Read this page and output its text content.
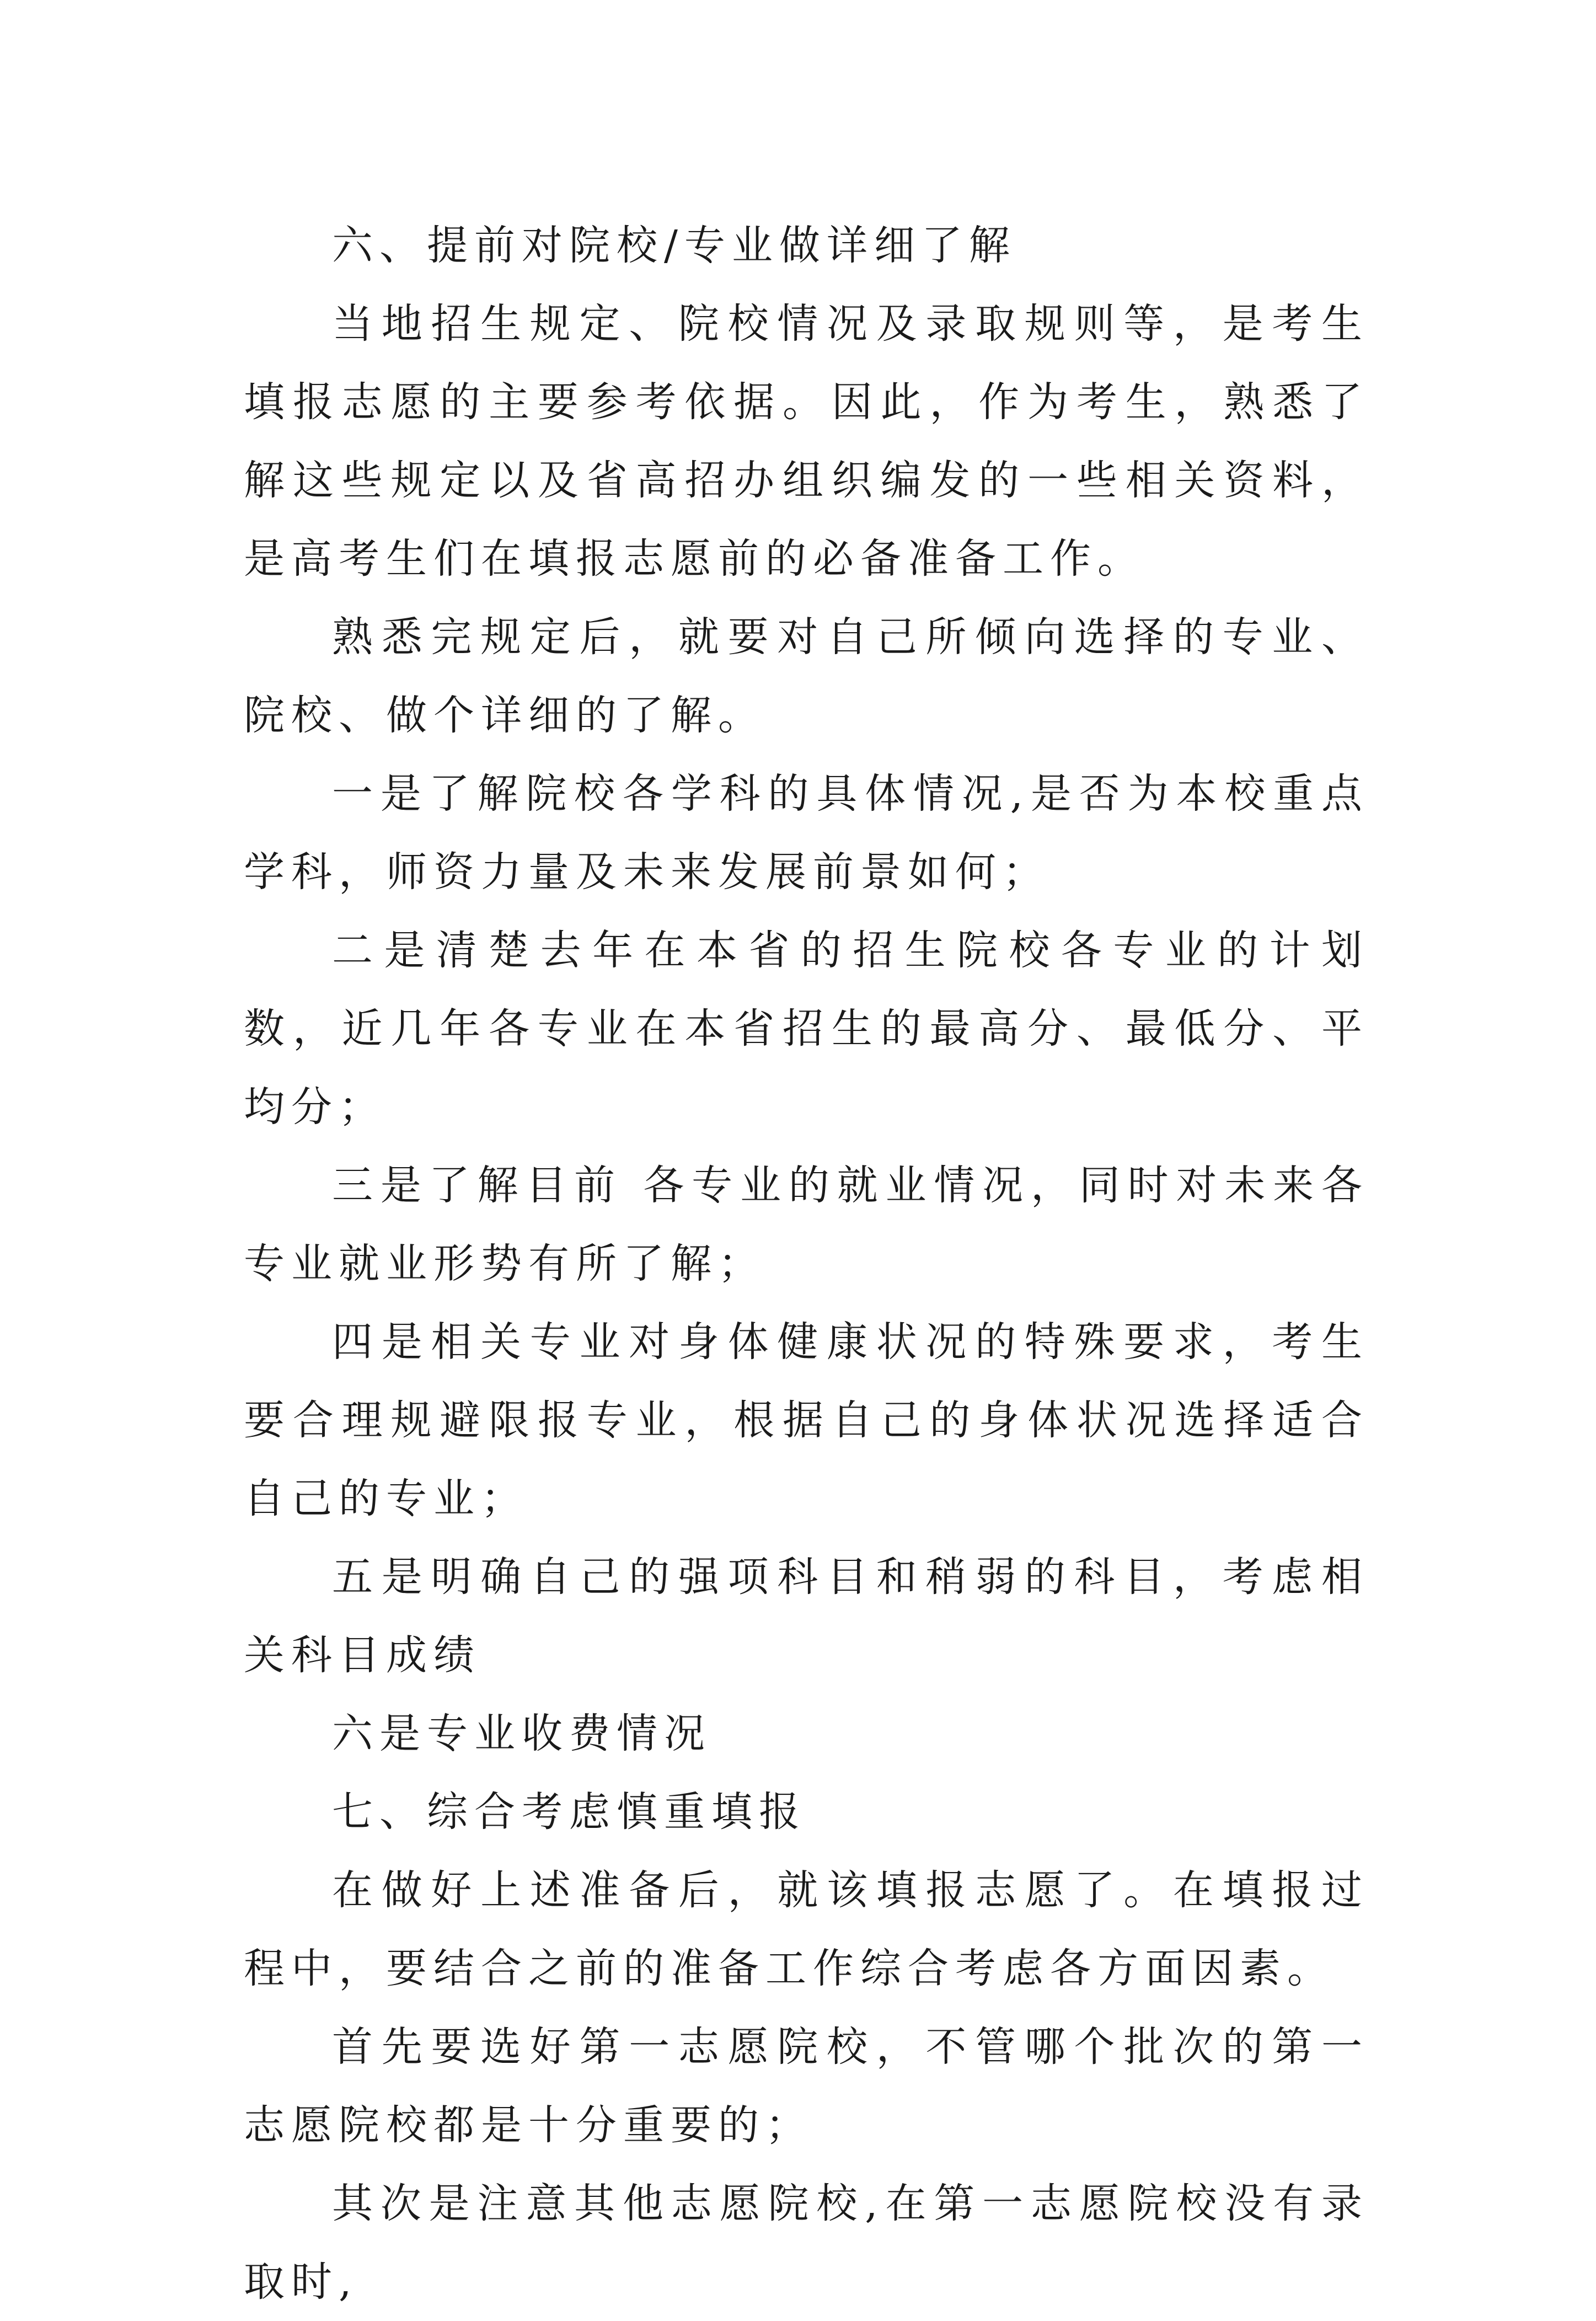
六、提前对院校/专业做详细了解

当地招生规定、院校情况及录取规则等，是考生填报志愿的主要参考依据。因此，作为考生，熟悉了解这些规定以及省高招办组织编发的一些相关资料，是高考生们在填报志愿前的必备准备工作。

熟悉完规定后，就要对自己所倾向选择的专业、院校、做个详细的了解。

一是了解院校各学科的具体情况,是否为本校重点学科，师资力量及未来发展前景如何；

二是清楚去年在本省的招生院校各专业的计划数，近几年各专业在本省招生的最高分、最低分、平均分；

三是了解目前 各专业的就业情况，同时对未来各专业就业形势有所了解；

四是相关专业对身体健康状况的特殊要求，考生要合理规避限报专业，根据自己的身体状况选择适合自己的专业；

五是明确自己的强项科目和稍弱的科目，考虑相关科目成绩

六是专业收费情况

七、综合考虑慎重填报

在做好上述准备后，就该填报志愿了。在填报过程中，要结合之前的准备工作综合考虑各方面因素。

首先要选好第一志愿院校，不管哪个批次的第一志愿院校都是十分重要的；

其次是注意其他志愿院校,在第一志愿院校没有录取时,
